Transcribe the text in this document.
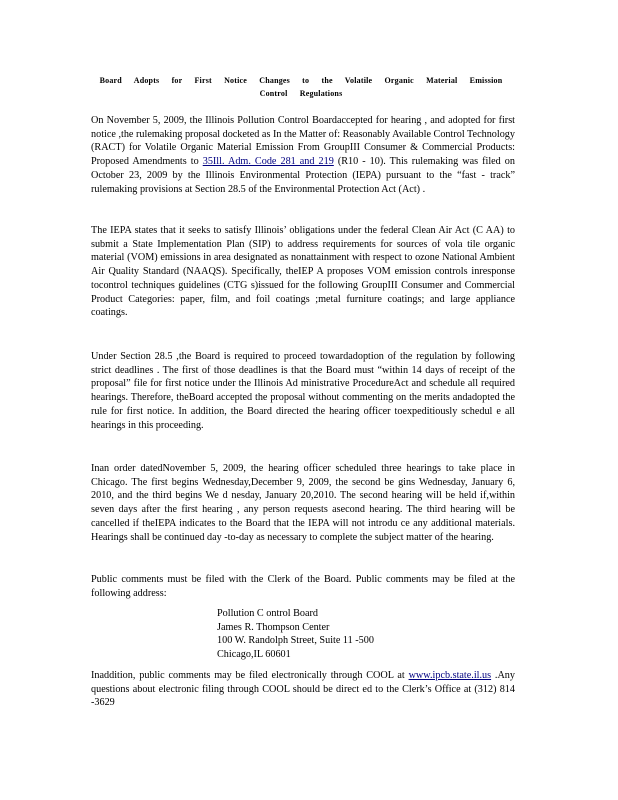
Board Adopts for First Notice Changes to the Volatile Organic Material Emission Control Regulations

On November 5, 2009, the Illinois Pollution Control Boardaccepted for hearing , and adopted for first notice ,the rulemaking proposal docketed as In the Matter of: Reasonably Available Control Technology (RACT) for Volatile Organic Material Emission From GroupIII Consumer & Commercial Products: Proposed Amendments to 35Ill. Adm. Code 281 and 219 (R10 - 10). This rulemaking was filed on October 23, 2009 by the Illinois Environmental Protection (IEPA) pursuant to the “fast - track” rulemaking provisions at Section 28.5 of the Environmental Protection Act (Act) .

The IEPA states that it seeks to satisfy Illinois’ obligations under the federal Clean Air Act (C AA) to submit a State Implementation Plan (SIP) to address requirements for sources of vola tile organic material (VOM) emissions in area designated as nonattainment with respect to ozone National Ambient Air Quality Standard (NAAQS). Specifically, theIEP A proposes VOM emission controls inresponse tocontrol techniques guidelines (CTG s)issued for the following GroupIII Consumer and Commercial Product Categories: paper, film, and foil coatings ;metal furniture coatings; and large appliance coatings.

Under Section 28.5 ,the Board is required to proceed towardadoption of the regulation by following strict deadlines . The first of those deadlines is that the Board must “within 14 days of receipt of the proposal” file for first notice under the Illinois Ad ministrative ProcedureAct and schedule all required hearings. Therefore, theBoard accepted the proposal without commenting on the merits andadopted the rule for first notice. In addition, the Board directed the hearing officer toexpeditiously schedul e all hearings in this proceeding.

Inan order datedNovember 5, 2009, the hearing officer scheduled three hearings to take place in Chicago. The first begins Wednesday,December 9, 2009, the second be gins Wednesday, January 6, 2010, and the third begins We d nesday, January 20,2010. The second hearing will be held if,within seven days after the first hearing , any person requests asecond hearing. The third hearing will be cancelled if theIEPA indicates to the Board that the IEPA will not introdu ce any additional materials. Hearings shall be continued day -to-day as necessary to complete the subject matter of the hearing.

Public comments must be filed with the Clerk of the Board. Public comments may be filed at the following address:

Pollution C ontrol Board
James R. Thompson Center
100 W. Randolph Street, Suite 11 -500
Chicago,IL 60601

Inaddition, public comments may be filed electronically through COOL at www.ipcb.state.il.us .Any questions about electronic filing through COOL should be direct ed to the Clerk’s Office at (312) 814 -3629
